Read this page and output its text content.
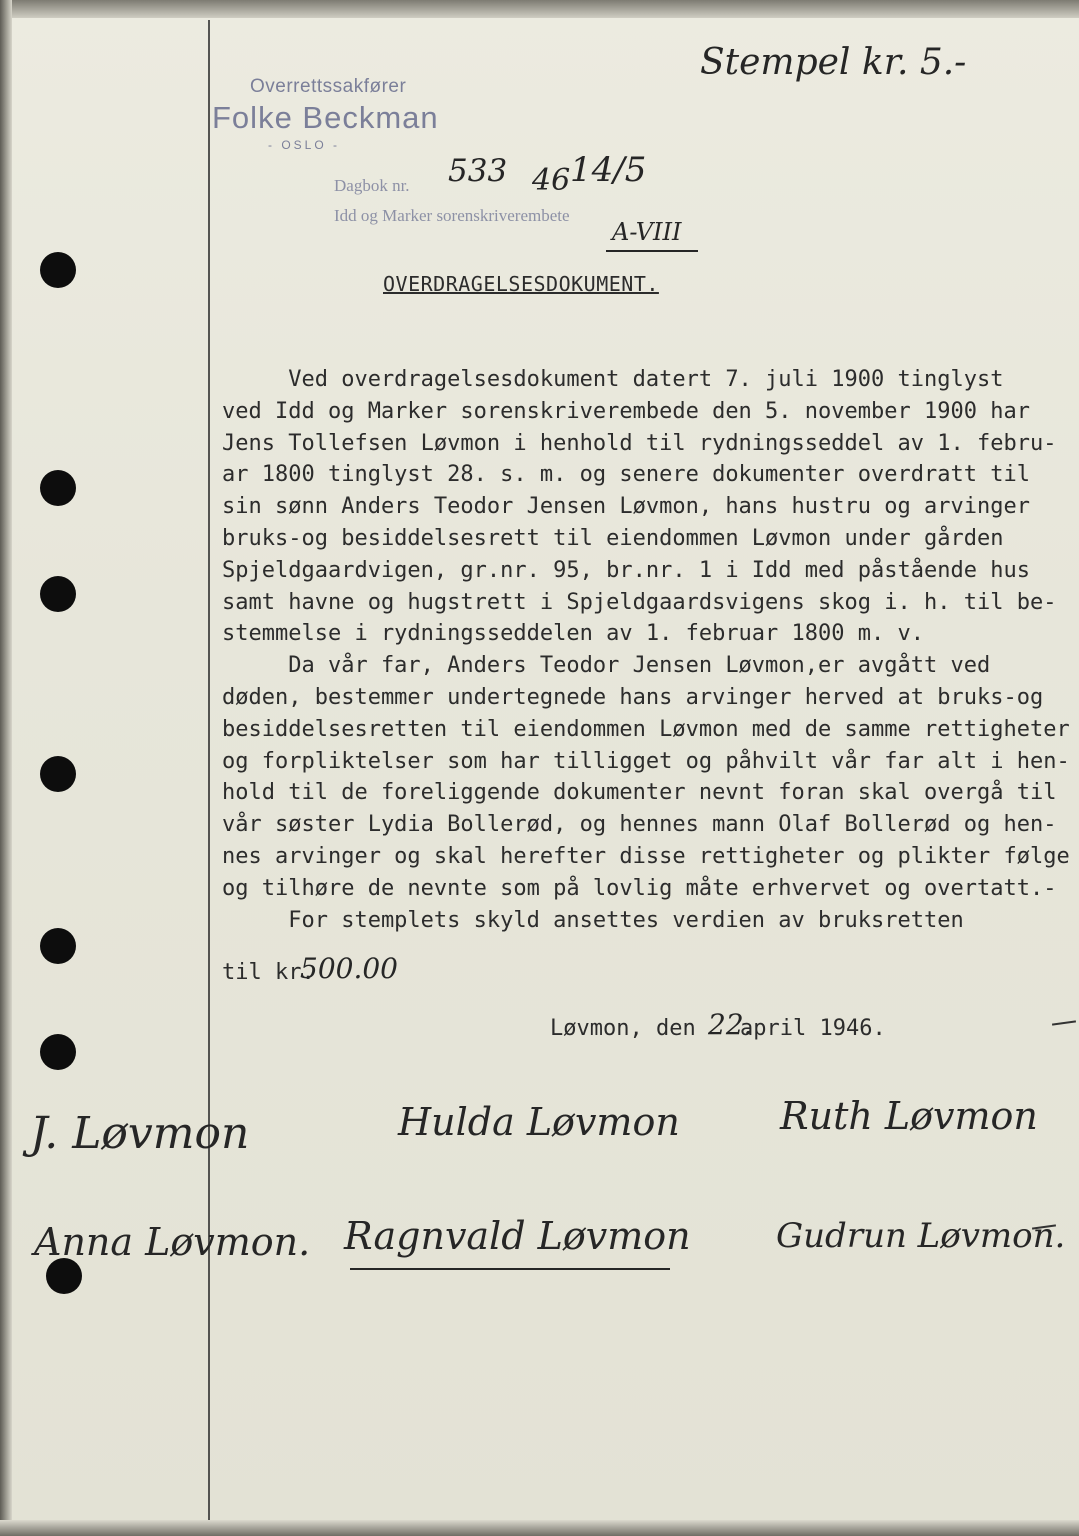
Overrettssakfører
Folke Beckman
- OSLO -
Dagbok nr.
Idd og Marker sorenskriverembete
Stempel kr. 5.-
533 46 14/5
A-VIII
OVERDRAGELSESDOKUMENT.
Ved overdragelsesdokument datert 7. juli 1900 tinglyst
ved Idd og Marker sorenskriverembede den 5. november 1900 har
Jens Tollefsen Løvmon i henhold til rydningsseddel av 1. febru-
ar 1800 tinglyst 28. s. m. og senere dokumenter overdratt til
sin sønn Anders Teodor Jensen Løvmon, hans hustru og arvinger
bruks-og besiddelsesrett til eiendommen Løvmon under gården
Spjeldgaardvigen, gr.nr. 95, br.nr. 1 i Idd med påstående hus
samt havne og hugstrett i Spjeldgaardsvigens skog i. h. til be-
stemmelse i rydningsseddelen av 1. februar 1800 m. v.
Da vår far, Anders Teodor Jensen Løvmon,er avgått ved
døden, bestemmer undertegnede hans arvinger herved at bruks-og
besiddelsesretten til eiendommen Løvmon med de samme rettigheter
og forpliktelser som har tilligget og påhvilt vår far alt i hen-
hold til de foreliggende dokumenter nevnt foran skal overgå til
vår søster Lydia Bollerød, og hennes mann Olaf Bollerød og hen-
nes arvinger og skal herefter disse rettigheter og plikter følge
og tilhøre de nevnte som på lovlig måte erhvervet og overtatt.-
For stemplets skyld ansettes verdien av bruksretten
til kr.
500.00
Løvmon, den 22.
april 1946.
J. Løvmon	Hulda Løvmon	Ruth Løvmon
Anna Løvmon. Ragnvald Løvmon	Gudrun Løvmon.
